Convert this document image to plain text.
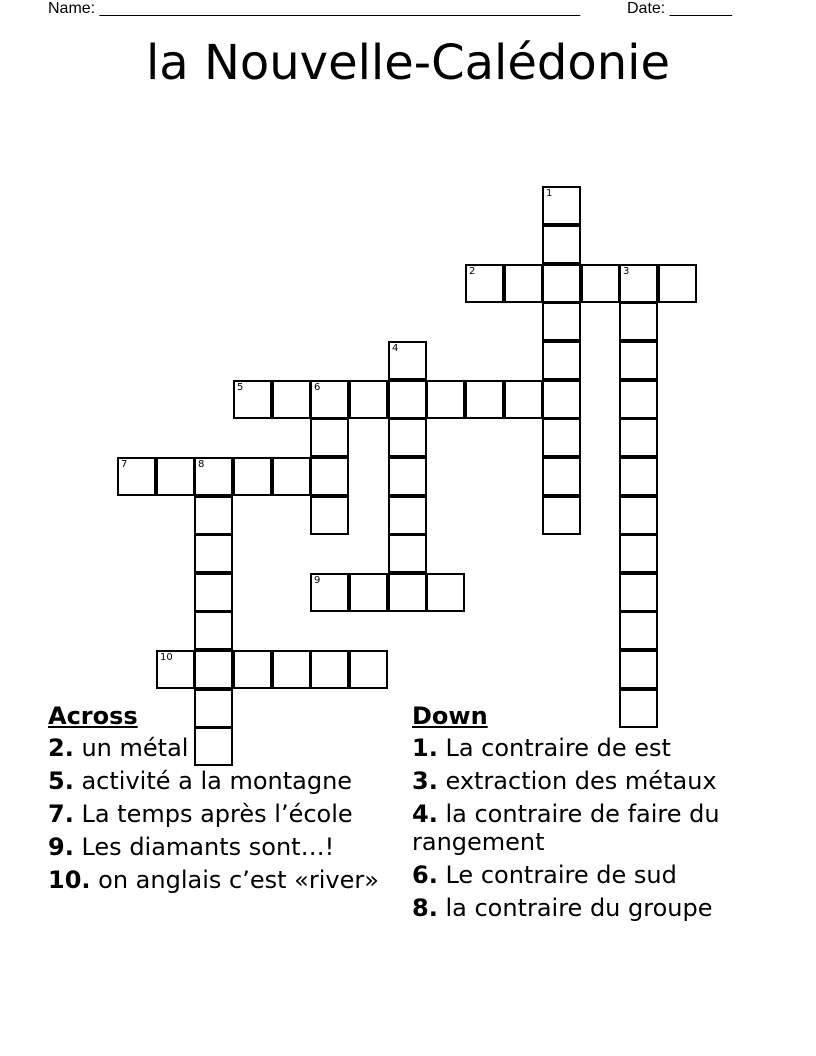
Name: ______________________________________________________	Date: _______
la Nouvelle-Calédonie
1
2	3
4
5	6
7	8
9
10
Across
2. un métal
5. activité a la montagne
7. La temps après l’école
9. Les diamants sont…!
10. on anglais c’est «river»
Down
1. La contraire de est
3. extraction des métaux
4. la contraire de faire du rangement
6. Le contraire de sud
8. la contraire du groupe
